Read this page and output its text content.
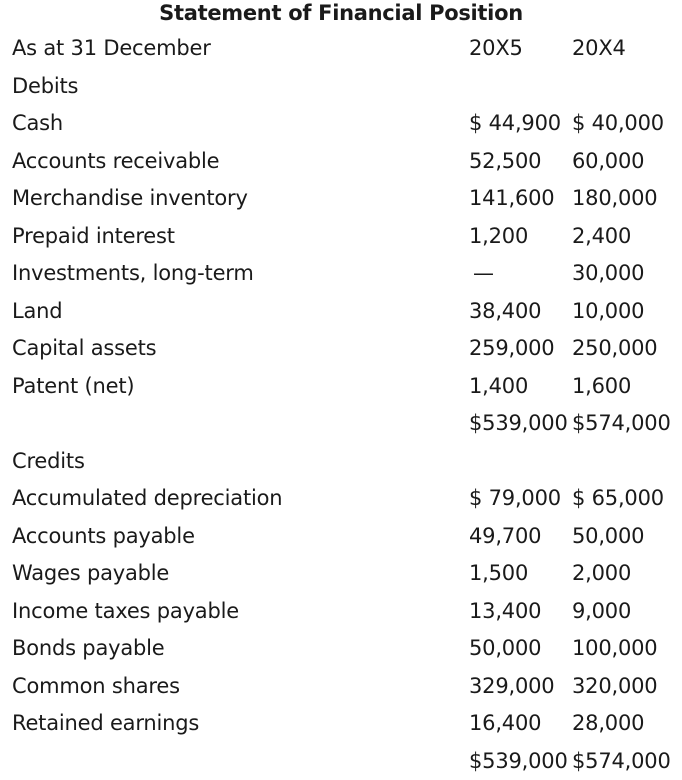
Statement of Financial Position
As at 31 December	20X5 20X4
Debits
Cash	$ 44,900 $ 40,000
Accounts receivable	52,500 60,000
Merchandise inventory	141,600 180,000
Prepaid interest	1,200 2,400
Investments, long-term	—	30,000
Land	38,400 10,000
Capital assets	259,000 250,000
Patent (net)	1,400 1,600
$539,000 $574,000
Credits
Accumulated depreciation	$ 79,000 $ 65,000
Accounts payable	49,700 50,000
Wages payable	1,500 2,000
Income taxes payable	13,400 9,000
Bonds payable	50,000 100,000
Common shares	329,000 320,000
Retained earnings	16,400 28,000
$539,000 $574,000
